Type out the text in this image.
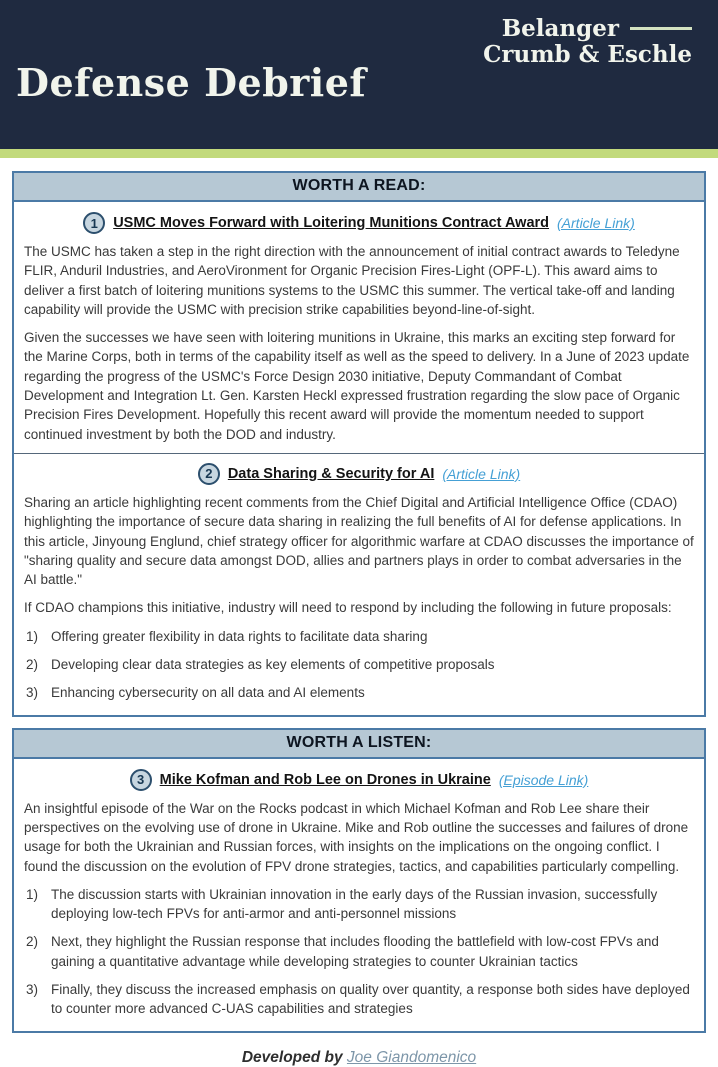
Belanger
Crumb & Eschle
Defense Debrief
WORTH A READ:
1	USMC Moves Forward with Loitering Munitions Contract Award (Article Link)

The USMC has taken a step in the right direction with the announcement of initial contract awards to Teledyne FLIR, Anduril Industries, and AeroVironment for Organic Precision Fires-Light (OPF-L). This award aims to deliver a first batch of loitering munitions systems to the USMC this summer. The vertical take-off and landing capability will provide the USMC with precision strike capabilities beyond-line-of-sight.

Given the successes we have seen with loitering munitions in Ukraine, this marks an exciting step forward for the Marine Corps, both in terms of the capability itself as well as the speed to delivery. In a June of 2023 update regarding the progress of the USMC's Force Design 2030 initiative, Deputy Commandant of Combat Development and Integration Lt. Gen. Karsten Heckl expressed frustration regarding the slow pace of Organic Precision Fires Development. Hopefully this recent award will provide the momentum needed to support continued investment by both the DOD and industry.

2	Data Sharing & Security for AI (Article Link)

Sharing an article highlighting recent comments from the Chief Digital and Artificial Intelligence Office (CDAO) highlighting the importance of secure data sharing in realizing the full benefits of AI for defense applications. In this article, Jinyoung Englund, chief strategy officer for algorithmic warfare at CDAO discusses the importance of "sharing quality and secure data amongst DOD, allies and partners plays in order to combat adversaries in the AI battle."

If CDAO champions this initiative, industry will need to respond by including the following in future proposals:

1) Offering greater flexibility in data rights to facilitate data sharing
2) Developing clear data strategies as key elements of competitive proposals
3) Enhancing cybersecurity on all data and AI elements
WORTH A LISTEN:
3	Mike Kofman and Rob Lee on Drones in Ukraine (Episode Link)

An insightful episode of the War on the Rocks podcast in which Michael Kofman and Rob Lee share their perspectives on the evolving use of drone in Ukraine. Mike and Rob outline the successes and failures of drone usage for both the Ukrainian and Russian forces, with insights on the implications on the ongoing conflict. I found the discussion on the evolution of FPV drone strategies, tactics, and capabilities particularly compelling.

1) The discussion starts with Ukrainian innovation in the early days of the Russian invasion, successfully deploying low-tech FPVs for anti-armor and anti-personnel missions
2) Next, they highlight the Russian response that includes flooding the battlefield with low-cost FPVs and gaining a quantitative advantage while developing strategies to counter Ukrainian tactics
3) Finally, they discuss the increased emphasis on quality over quantity, a response both sides have deployed to counter more advanced C-UAS capabilities and strategies
Developed by Joe Giandomenico
